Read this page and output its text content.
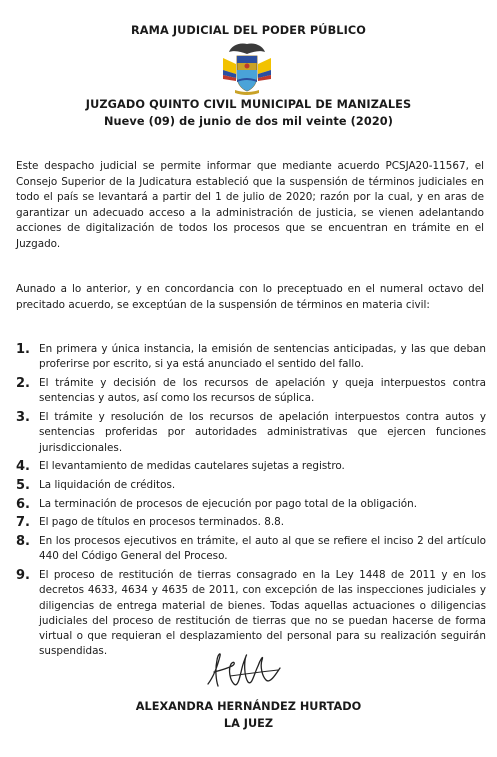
RAMA JUDICIAL DEL PODER PÚBLICO
JUZGADO QUINTO CIVIL MUNICIPAL DE MANIZALES
Nueve (09) de junio de dos mil veinte (2020)

Este despacho judicial se permite informar que mediante acuerdo PCSJA20-11567, el Consejo Superior de la Judicatura estableció que la suspensión de términos judiciales en todo el país se levantará a partir del 1 de julio de 2020; razón por la cual, y en aras de garantizar un adecuado acceso a la administración de justicia, se vienen adelantando acciones de digitalización de todos los procesos que se encuentran en trámite en el Juzgado.

Aunado a lo anterior, y en concordancia con lo preceptuado en el numeral octavo del precitado acuerdo, se exceptúan de la suspensión de términos en materia civil:

1. En primera y única instancia, la emisión de sentencias anticipadas, y las que deban proferirse por escrito, si ya está anunciado el sentido del fallo.
2. El trámite y decisión de los recursos de apelación y queja interpuestos contra sentencias y autos, así como los recursos de súplica.
3. El trámite y resolución de los recursos de apelación interpuestos contra autos y sentencias proferidas por autoridades administrativas que ejercen funciones jurisdiccionales.
4. El levantamiento de medidas cautelares sujetas a registro.
5. La liquidación de créditos.
6. La terminación de procesos de ejecución por pago total de la obligación.
7. El pago de títulos en procesos terminados. 8.8.
8. En los procesos ejecutivos en trámite, el auto al que se refiere el inciso 2 del artículo 440 del Código General del Proceso.
9. El proceso de restitución de tierras consagrado en la Ley 1448 de 2011 y en los decretos 4633, 4634 y 4635 de 2011, con excepción de las inspecciones judiciales y diligencias de entrega material de bienes. Todas aquellas actuaciones o diligencias judiciales del proceso de restitución de tierras que no se puedan hacerse de forma virtual o que requieran el desplazamiento del personal para su realización seguirán suspendidas.
ALEXANDRA HERNÁNDEZ HURTADO
LA JUEZ
